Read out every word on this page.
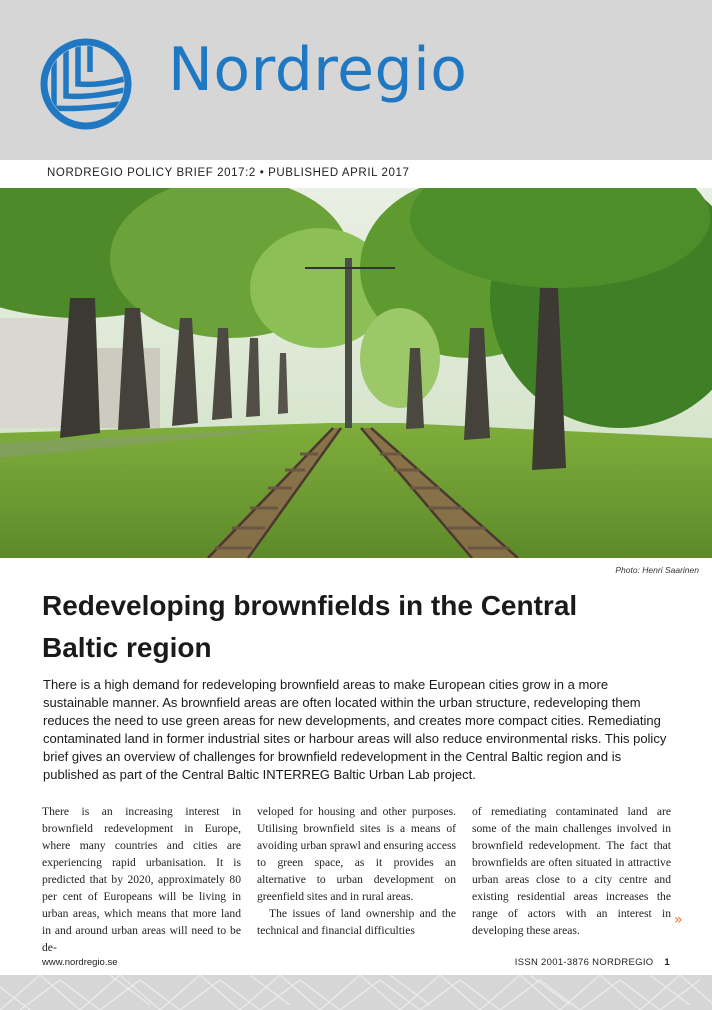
Nordregio
NORDREGIO POLICY BRIEF 2017:2 • PUBLISHED APRIL 2017
Photo: Henri Saarinen
Redeveloping brownfields in the Central
Baltic region

There is a high demand for redeveloping brownfield areas to make European cities grow in a more sustainable manner. As brownfield areas are often located within the urban structure, redeveloping them reduces the need to use green areas for new developments, and creates more compact cities. Remediating contaminated land in former industrial sites or harbour areas will also reduce environmental risks. This policy brief gives an overview of challenges for brownfield redevelopment in the Central Baltic region and is published as part of the Central Baltic INTERREG Baltic Urban Lab project.

There is an increasing interest in brownfield redevelopment in Europe, where many countries and cities are experiencing rapid urbanisation. It is predicted that by 2020, approximately 80 per cent of Europeans will be living in urban areas, which means that more land in and around urban areas will need to be de-

veloped for housing and other purposes. Utilising brownfield sites is a means of avoiding urban sprawl and ensuring access to green space, as it provides an alternative to urban development on greenfield sites and in rural areas.

The issues of land ownership and the technical and financial difficulties

of remediating contaminated land are some of the main challenges involved in brownfield redevelopment. The fact that brownfields are often situated in attractive urban areas close to a city centre and existing residential areas increases the range of actors with an interest in developing these areas.

»
www.nordregio.se	ISSN 2001-3876 NORDREGIO 1
